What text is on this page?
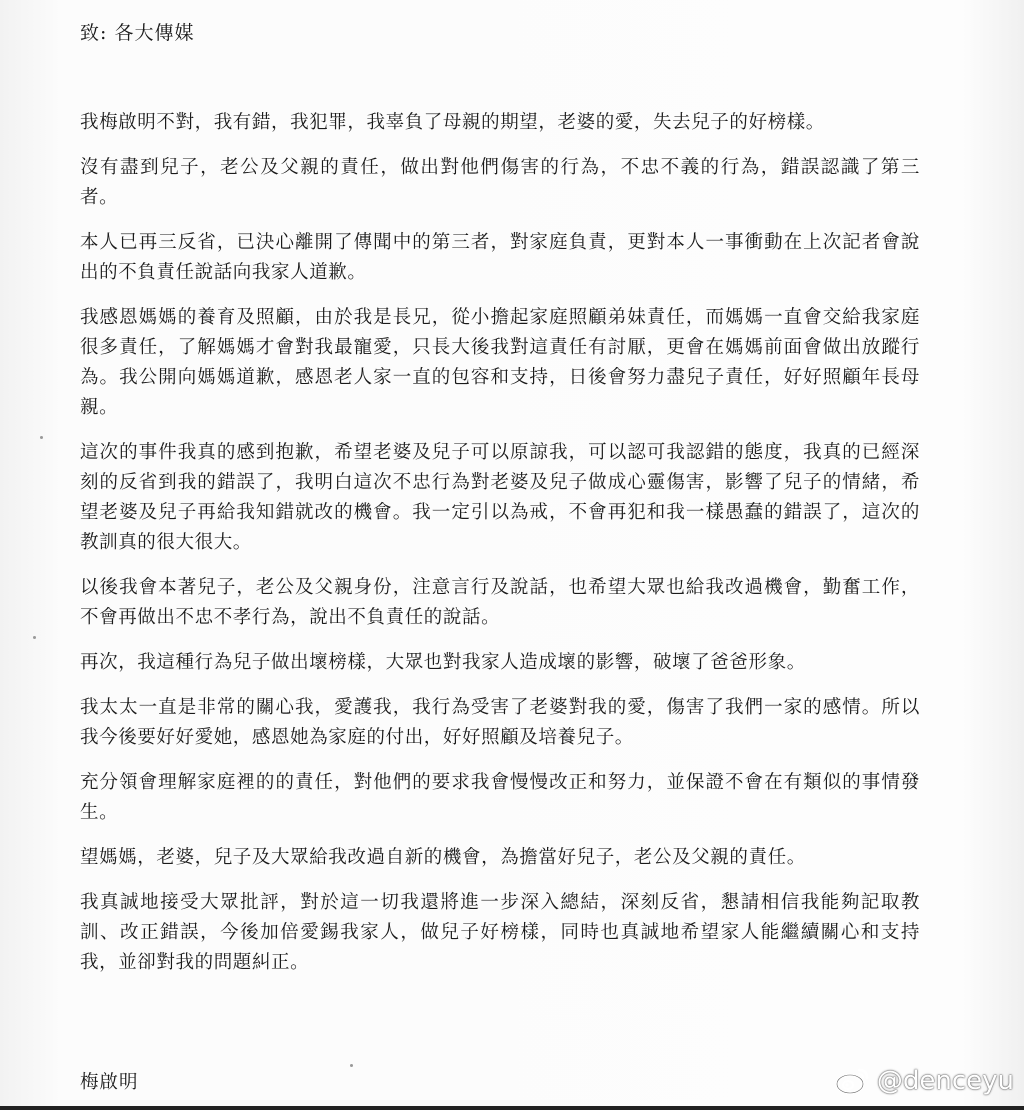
致: 各大傳媒

我梅啟明不對，我有錯，我犯罪，我辜負了母親的期望，老婆的愛，失去兒子的好榜樣。

沒有盡到兒子，老公及父親的責任，做出對他們傷害的行為，不忠不義的行為，錯誤認識了第三者。

本人已再三反省，已決心離開了傳聞中的第三者，對家庭負責，更對本人一事衝動在上次記者會說出的不負責任說話向我家人道歉。

我感恩媽媽的養育及照顧，由於我是長兄，從小擔起家庭照顧弟妹責任，而媽媽一直會交給我家庭很多責任，了解媽媽才會對我最寵愛，只長大後我對這責任有討厭，更會在媽媽前面會做出放蹤行為。我公開向媽媽道歉，感恩老人家一直的包容和支持，日後會努力盡兒子責任，好好照顧年長母親。

這次的事件我真的感到抱歉，希望老婆及兒子可以原諒我，可以認可我認錯的態度，我真的已經深刻的反省到我的錯誤了，我明白這次不忠行為對老婆及兒子做成心靈傷害，影響了兒子的情緒，希望老婆及兒子再給我知錯就改的機會。我一定引以為戒，不會再犯和我一樣愚蠢的錯誤了，這次的教訓真的很大很大。

以後我會本著兒子，老公及父親身份，注意言行及說話，也希望大眾也給我改過機會，勤奮工作，不會再做出不忠不孝行為，說出不負責任的說話。

再次，我這種行為兒子做出壞榜樣，大眾也對我家人造成壞的影響，破壞了爸爸形象。

我太太一直是非常的關心我，愛護我，我行為受害了老婆對我的愛，傷害了我們一家的感情。所以我今後要好好愛她，感恩她為家庭的付出，好好照顧及培養兒子。

充分領會理解家庭裡的的責任，對他們的要求我會慢慢改正和努力，並保證不會在有類似的事情發生。

望媽媽，老婆，兒子及大眾給我改過自新的機會，為擔當好兒子，老公及父親的責任。

我真誠地接受大眾批評，對於這一切我還將進一步深入總結，深刻反省，懇請相信我能夠記取教訓、改正錯誤，今後加倍愛錫我家人，做兒子好榜樣，同時也真誠地希望家人能繼續關心和支持我，並卻對我的問題糾正。

梅啟明	@denceyu
